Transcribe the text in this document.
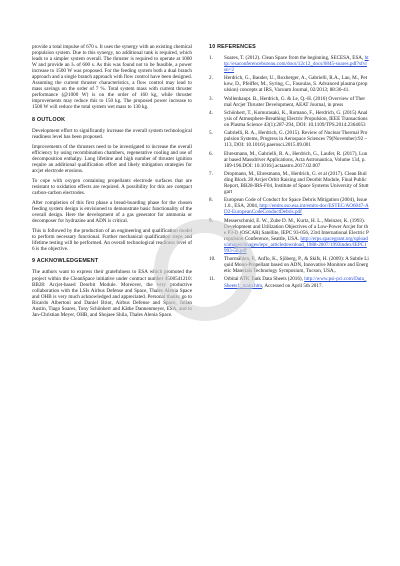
provide a total impulse of 670 s. It uses the synergy with an existing chemical propulsion system. Due to this synergy, no additional tank is required, which leads to a simpler system overall. The thruster is required to operate at 1000 W and provide an Iₛ of 600 s. As this was found not to be feasible, a power increase to 1500 W was proposed. For the feeding system both a dual branch approach and a single branch approach with flow control have been designed. Assuming the current thruster characteristics, a flow control may lead to mass savings on the order of 7 %. Total system mass with current thruster performance (@1000 W) is on the order of 160 kg, while thruster improvements may reduce this to 150 kg. The proposed power increase to 1500 W will reduce the total system wet mass to 130 kg.

8 OUTLOOK

Development effort to significantly increase the overall system technological readiness level has been proposed.

Improvements of the thrusters need to be investigated to increase the overall efficiency by using recombination chambers, regenerative cooling and use of decomposition enthalpy. Long lifetime and high number of thruster ignition require an additional qualification effort and likely mitigation strategies for arcjet electrode erosions.

To cope with oxygen containing propellants electrode surfaces that are resistant to oxidation effects are required. A possibility for this are compact carbon-carbon electrodes.

After completion of this first phase a bread-boarding phase for the chosen feeding system design is envisioned to demonstrate basic functionality of the overall design. Here the development of a gas generator for ammonia or decomposer for hydrazine and ADN is critical.

This is followed by the production of an engineering and qualification model to perform necessary functional. Further mechanical qualification steps and lifetime testing will be performed. An overall technological readiness level of 6 is the objective.

9 ACKNOWLEDGEMENT

The authors want to express their gratefulness to ESA which promoted the project within the CleanSpace initiative under contract number 4500541210: BB28: Arcjet-based Deorbit Module. Moreover, the very productive collaboration with the LSIs Airbus Defense and Space, Thales Alenia Space and OHB is very much acknowledged and appreciated. Personal thanks go to Ricardo Albertoni and Daniel Briot, Airbus Defense and Space, Julian Austin, Tiago Soares, Tony Schönherr and Käthe Dannenmeyer, ESA, and to Jan-Christian Meyer, OHB, and Shojaee Shila, Thales Alenia Space.

10 REFERENCES
1.	Soares, T. (2012). Clean Space from the beginning, SECESA, ESA, http://esaconferencebureau.com/docs/12c12_docs/0845-soares.pdf?sfvrsn=2
2.	Herdrich, G., Bauder, U., Boxberger, A., Gabrielli, R.A., Lau, M., Petkow, D., Pfeiffer, M., Syring, C., Fasoulas, S. Advanced plasma (propulsion) concepts at IRS, Vacuum Journal, 02/2013; 88:36-41.
3.	Wollenhaupt. B., Herdrich, G. & Le, Q.-H. (2016) Overview of Thermal Arcjet Thruster Development, AEAT Journal, in press
4.	Schönherr, T., Komurasaki, K., Romano, F., Herdrich, G. (2015) Analysis of Atmosphere-Breathing Electric Propulsion, IEEE Transactions on Plasma Science 43(1):287-294, DOI: 10.1109/TPS.2014.2364053
5.	Gabrielli, R. A., Herdrich, G. (2015). Review of Nuclear Thermal Propulsion Systems, Progress in Aerospace Sciences 79(November):92 – 113, DOI: 10.1016/j.paerosci.2015.09.001
6.	Ehresmann, M., Gabrielli, R. A., Herdrich, G., Laufer, R. (2017), Lunar based Massdriver Applications, Acta Astronautica, Volume 134, p. 189-196.DOI: 10.1016/j.actaastro.2017.02.007
7.	Dropmann, M., Ehresmann, M., Herdrich, G. et al (2017). Clean Building Block 28 Arcjet Orbit Raising and Deorbit Module, Final Public Report, BB28-IRS-F04, Institute of Space Systems University of Stuttgart
8.	European Code of Conduct for Space Debris Mitigation (2004), Issue 1.0., ESA, 2004, http://emits.sso.esa.int/emits-doc/ESTEC/AO6047-AD2-EuropeanCodeConductDebris.pdf
9.	Messerschmid, E. W., Zube D. M., Kurtz, H. L., Meinzer, K. (1993). Development and Utilization Objectives of a Low-Power Arcjet for the P3-D (OSCAR) Satellite, IEPC 93-056, 23rd International Electric Propulsion Conference, Seattle, USA. http://erps.spacegrant.org/uploads/images/images/iepc_articledownload_1988-2007/1993index/IEPC1993-56.pdf
10.	Thormählen, P., Anflo, K., Sjöberg, P., & Skifs, H. (2009): A Subtle Liquid Mono-Propellant based on ADN, Innovative Monitore and Energetic Materials Technology Symposium, Tucson, USA,.
11.	Orbital ATK Tank Data Sheets (2016), http://www.psi-pci.com/Data_Sheets1_main.htm, Accessed on April 5th 2017.
